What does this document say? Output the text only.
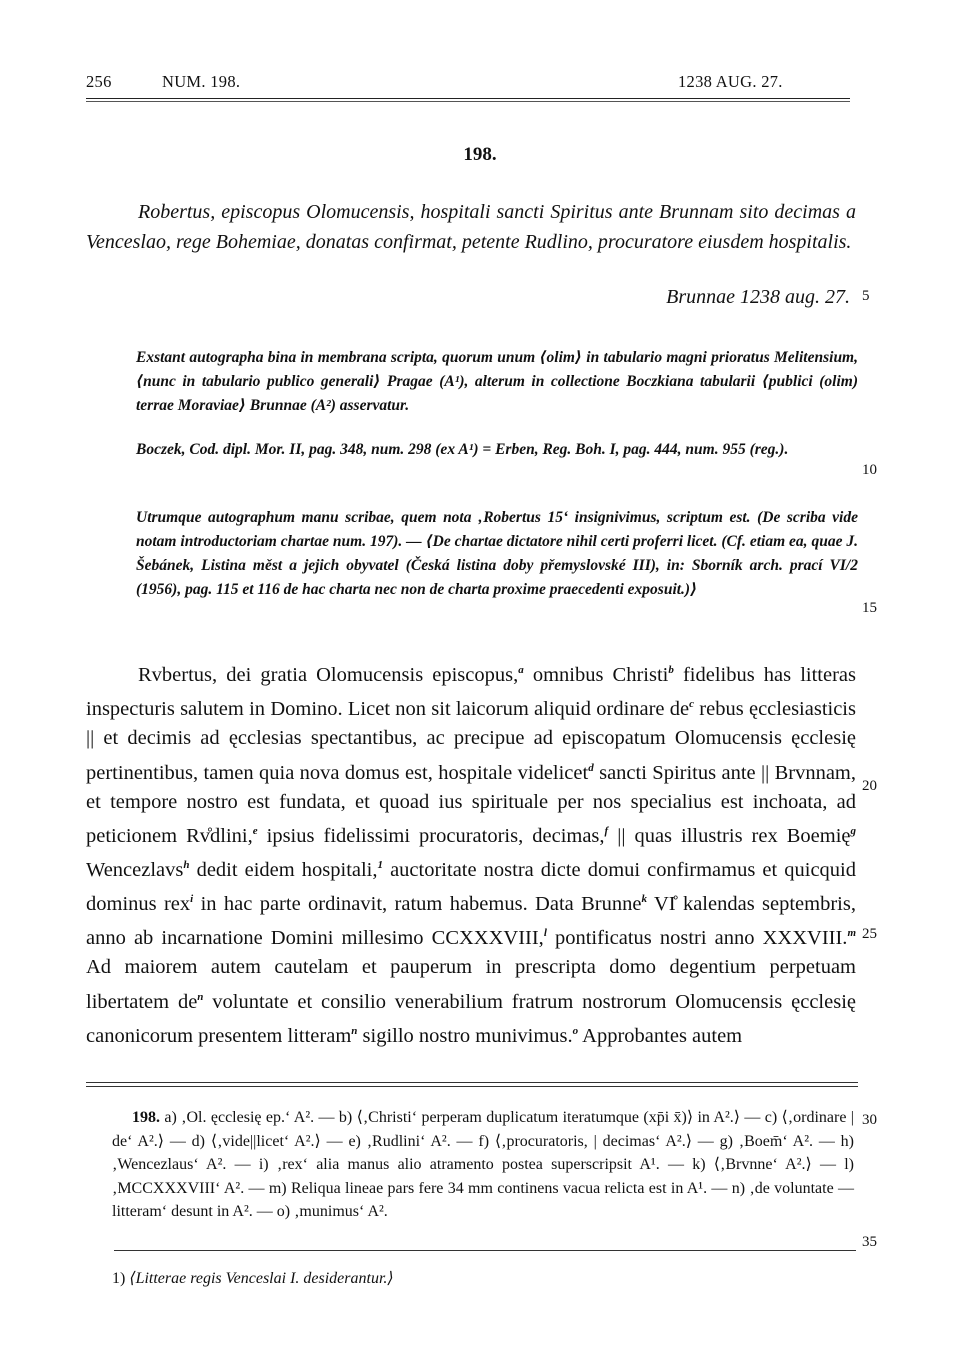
256	NUM. 198.	1238 AUG. 27.
198.
Robertus, episcopus Olomucensis, hospitali sancti Spiritus ante Brunnam sito decimas a Venceslao, rege Bohemiae, donatas confirmat, petente Rudlino, procuratore eiusdem hospitalis.
Brunnae 1238 aug. 27. 5
Exstant autographa bina in membrana scripta, quorum unum ⟨olim⟩ in tabulario magni prioratus Melitensium, ⟨nunc in tabulario publico generali⟩ Pragae (A¹), alterum in collectione Boczkiana tabularii ⟨publici (olim) terrae Moraviae⟩ Brunnae (A²) asservatur.
Boczek, Cod. dipl. Mor. II, pag. 348, num. 298 (ex A¹) = Erben, Reg. Boh. I, pag. 444, num. 955 (reg.).
10
Utrumque autographum manu scribae, quem nota ‚Robertus 15‘ insignivimus, scriptum est. (De scriba vide notam introductoriam chartae num. 197). — ⟨De chartae dictatore nihil certi proferri licet. (Cf. etiam ea, quae J. Šebánek, Listina měst a jejich obyvatel (Česká listina doby přemyslovské III), in: Sborník arch. prací VI/2 (1956), pag. 115 et 116 de hac charta nec non de charta proxime praecedenti exposuit.)⟩
15
Rvbertus, dei gratia Olomucensis episcopus,$^a$ omnibus Christi$^b$ fidelibus has litteras inspecturis salutem in Domino. Licet non sit laicorum aliquid ordinare $de^c$ rebus ęcclesiasticis || et decimis ad ęcclesias spectantibus, ac precipue ad episcopatum Olomucensis ęcclesię pertinentibus, tamen quia nova domus est, hospitale videlicet$^d$ sancti Spiritus ante || Brvnnam, et tempore nostro est fundata, et quoad ius spirituale per nos specialius est inchoata, ad peticionem Rv̊dlini,$^e$ ipsius fidelissimi procuratoris, decimas,$^f$ || quas illustris rex Boemię$^g$ Wencezlavs$^h$ dedit eidem hospitali,$^1$ auctoritate nostra dicte domui confirmamus et quicquid dominus rex$^i$ in hac parte ordinavit, ratum habemus. Data Brunne$^k$ VI̊ kalendas septembris, anno ab incarnatione Domini millesimo CCXXXVIII,$^l$ pontificatus nostri anno XXXVIII.$^m$ Ad maiorem autem cautelam et pauperum in prescripta domo degentium perpetuam libertatem $de^n$ voluntate et consilio venerabilium fratrum nostrorum Olomucensis ęcclesię canonicorum presentem litteram$^n$ sigillo nostro munivimus.$^o$ Approbantes autem
20
25
198. a) ‚Ol. ęcclesię ep.‘ A². — b) ⟨‚Christi‘ perperam duplicatum iteratumque (xp̄i x̄)⟩ in A².⟩ — c) ⟨‚ordinare | de‘ A².⟩ — d) ⟨‚vide||licet‘ A².⟩ — e) ‚Rudlini‘ A². — f) ⟨‚procuratoris, | decimas‘ A².⟩ — g) ‚Boem̄‘ A². — h) ‚Wencezlaus‘ A². — i) ‚rex‘ alia manus alio atramento postea superscripsit A¹. — k) ⟨‚Brvnne‘ A².⟩ — l) ‚MCCXXXVIII‘ A². — m) Reliqua lineae pars fere 34 mm continens vacua relicta est in A¹. — n) ‚de voluntate — litteram‘ desunt in A². — o) ‚munimus‘ A².
30
35
1) ⟨Litterae regis Venceslai I. desiderantur.⟩
